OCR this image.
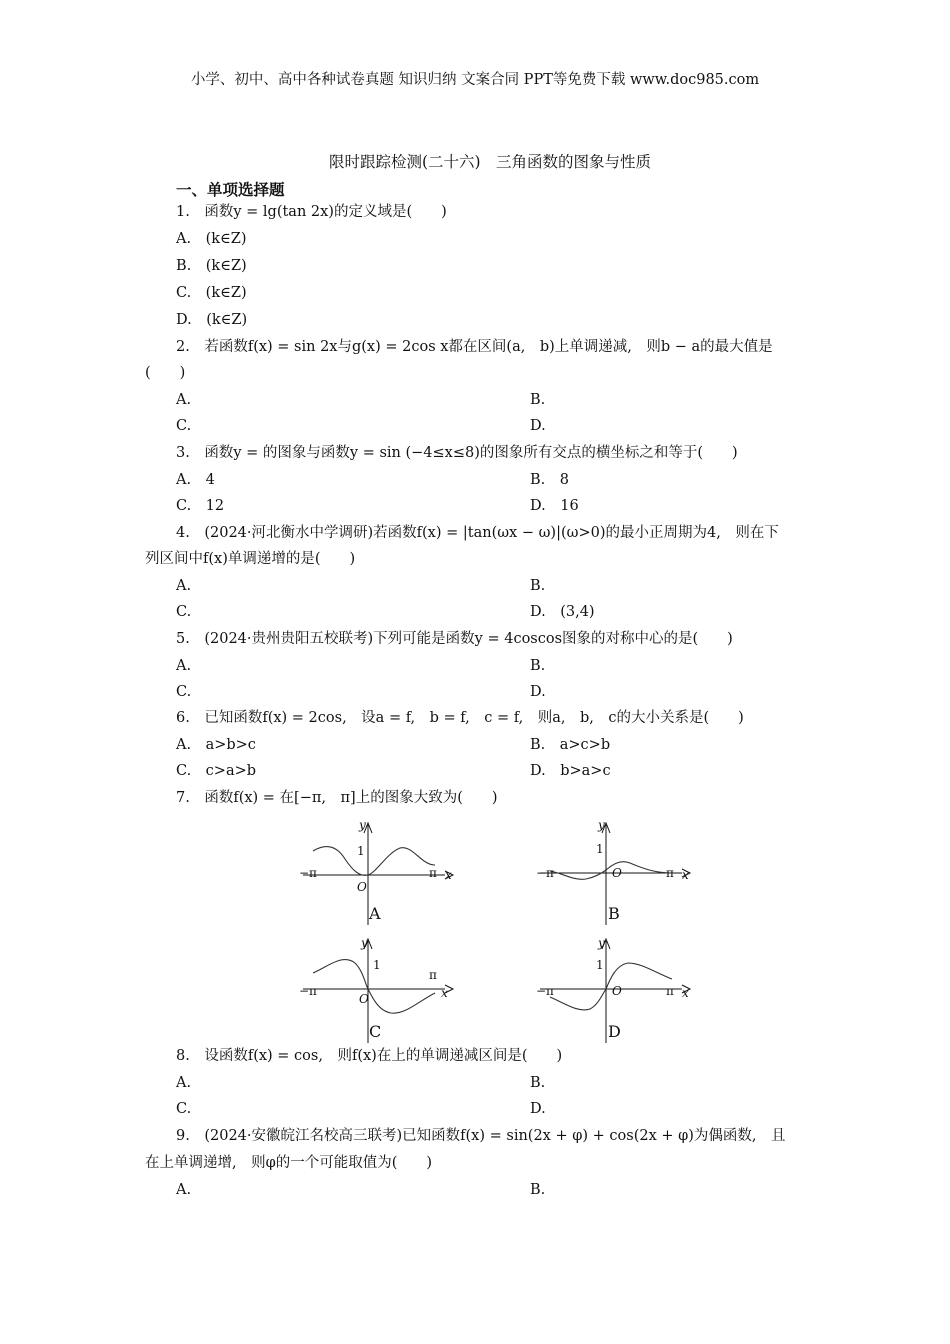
小学、初中、高中各种试卷真题 知识归纳 文案合同 PPT等免费下载 www.doc985.com
限时跟踪检测(二十六)　三角函数的图象与性质
一、单项选择题
1.　函数y = lg(tan 2x)的定义域是(　　)
A.　(k∈Z)
B.　(k∈Z)
C.　(k∈Z)
D.　(k∈Z)
2.　若函数f(x) = sin 2x与g(x) = 2cos x都在区间(a,　b)上单调递减,　则b − a的最大值是
(　　)
A.	B.
C.	D.
3.　函数y = 的图象与函数y = sin (−4≤x≤8)的图象所有交点的横坐标之和等于(　　)
A.　4	B.　8
C.　12	D.　16
4.　(2024·河北衡水中学调研)若函数f(x) = |tan(ωx − ω)|(ω>0)的最小正周期为4,　则在下
列区间中f(x)单调递增的是(　　)
A.	B.
C.	D.　(3,4)
5.　(2024·贵州贵阳五校联考)下列可能是函数y = 4coscos图象的对称中心的是(　　)
A.	B.
C.	D.
6.　已知函数f(x) = 2cos,　设a = f,　b = f,　c = f,　则a,　b,　c的大小关系是(　　)
A.　a>b>c	B.　a>c>b
C.　c>a>b	D.　b>a>c
7.　函数f(x) = 在[−π,　π]上的图象大致为(　　)
y
1
O
−π	π x
A
y
1
O
−π	π x
B
y
1
O
−π
π
x
C
y
1
O
−π	π x
D
8.　设函数f(x) = cos,　则f(x)在上的单调递减区间是(　　)
A.	B.
C.	D.
9.　(2024·安徽皖江名校高三联考)已知函数f(x) = sin(2x + φ) + cos(2x + φ)为偶函数,　且
在上单调递增,　则φ的一个可能取值为(　　)
A.	B.
